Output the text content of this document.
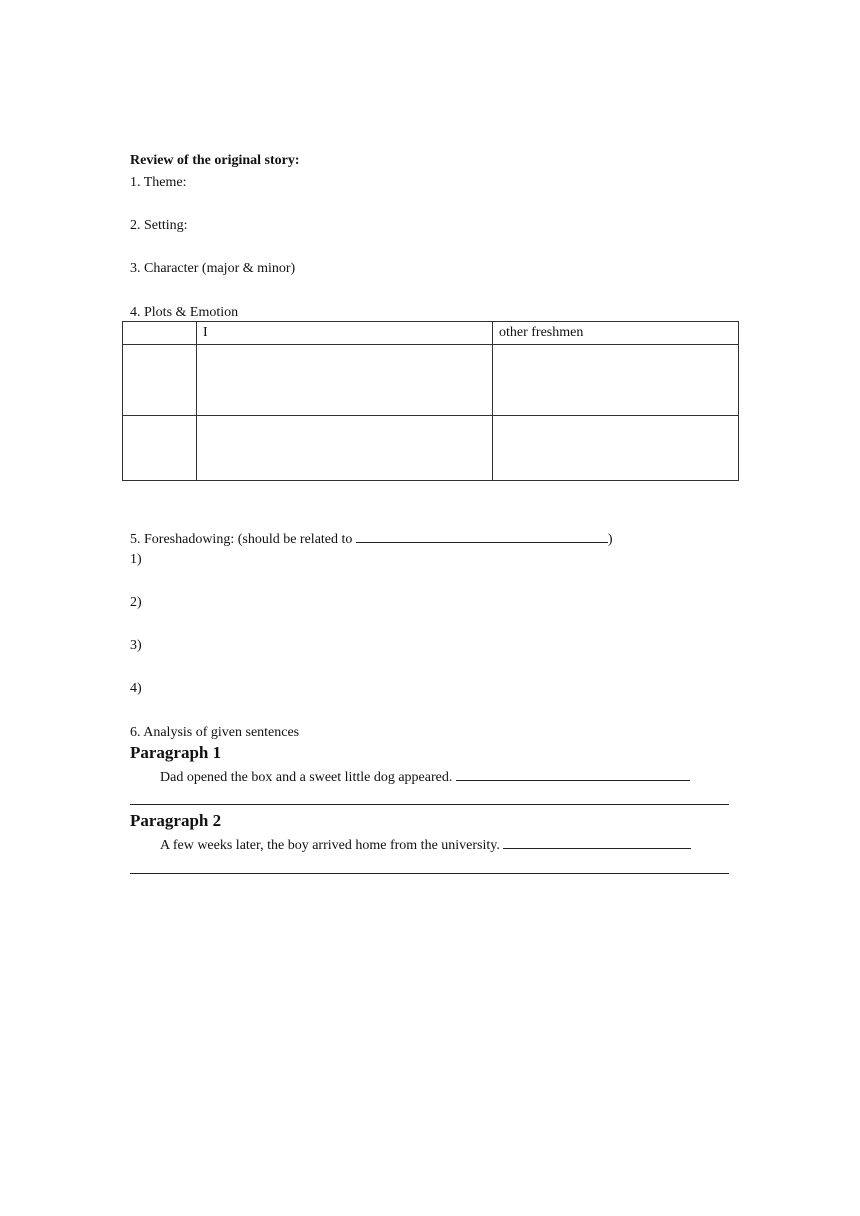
Review of the original story:
1. Theme:
2. Setting:
3. Character (major & minor)
4. Plots & Emotion
	I	other freshmen

5. Foreshadowing: (should be related to	)
1)
2)
3)
4)
6. Analysis of given sentences
Paragraph 1
Dad opened the box and a sweet little dog appeared.
Paragraph 2
A few weeks later, the boy arrived home from the university.
